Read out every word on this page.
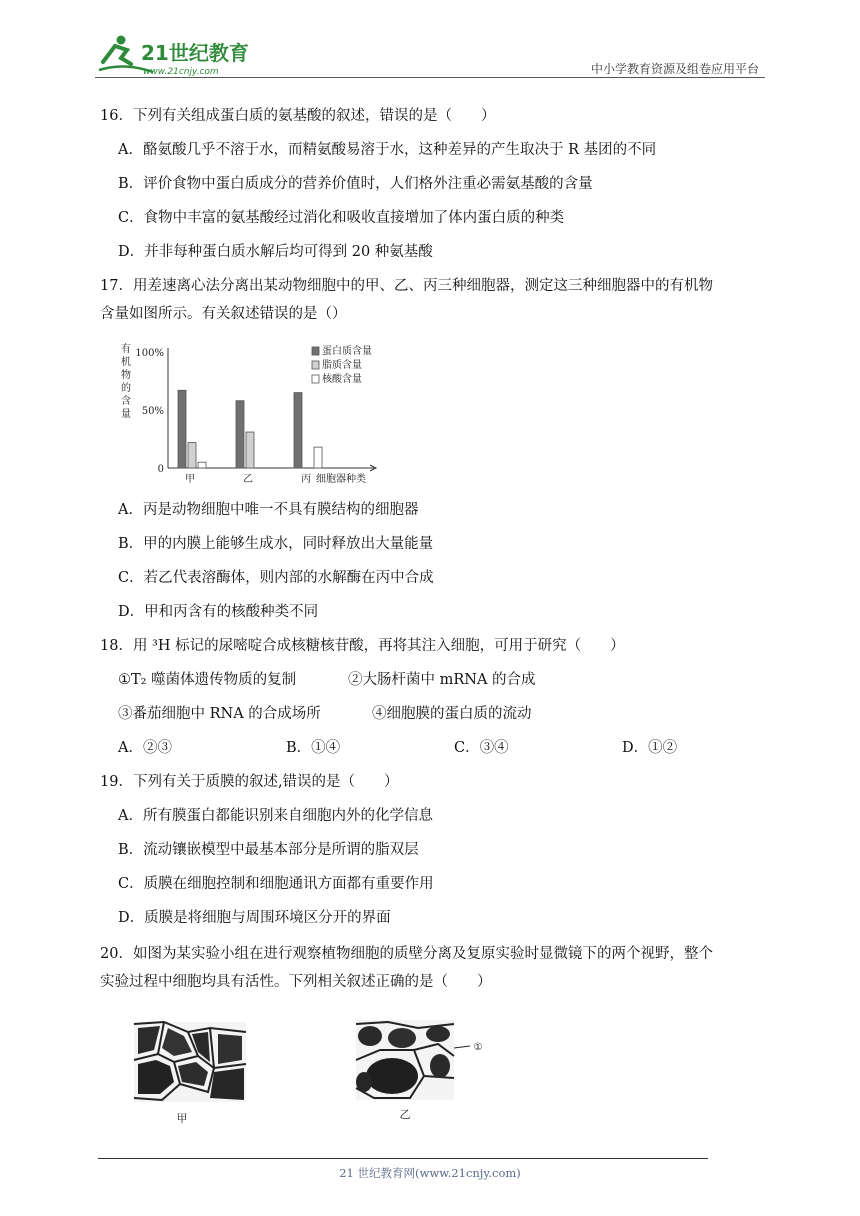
21世纪教育
www.21cnjy.com	中小学教育资源及组卷应用平台
16．下列有关组成蛋白质的氨基酸的叙述，错误的是（　　）
A．酪氨酸几乎不溶于水，而精氨酸易溶于水，这种差异的产生取决于 R 基团的不同
B．评价食物中蛋白质成分的营养价值时，人们格外注重必需氨基酸的含量
C．食物中丰富的氨基酸经过消化和吸收直接增加了体内蛋白质的种类
D．并非每种蛋白质水解后均可得到 20 种氨基酸
17．用差速离心法分离出某动物细胞中的甲、乙、丙三种细胞器，测定这三种细胞器中的有机物
含量如图所示。有关叙述错误的是（）
有
机
物
的
含
量
100%
50%
0
甲	乙	丙 细胞器种类
蛋白质含量
脂质含量
核酸含量
A．丙是动物细胞中唯一不具有膜结构的细胞器
B．甲的内膜上能够生成水，同时释放出大量能量
C．若乙代表溶酶体，则内部的水解酶在丙中合成
D．甲和丙含有的核酸种类不同
18．用 ³H 标记的尿嘧啶合成核糖核苷酸，再将其注入细胞，可用于研究（　　）
①T₂ 噬菌体遗传物质的复制	②大肠杆菌中 mRNA 的合成
③番茄细胞中 RNA 的合成场所	④细胞膜的蛋白质的流动
A．②③	B．①④	C．③④	D．①②
19．下列有关于质膜的叙述,错误的是（　　）
A．所有膜蛋白都能识别来自细胞内外的化学信息
B．流动镶嵌模型中最基本部分是所谓的脂双层
C．质膜在细胞控制和细胞通讯方面都有重要作用
D．质膜是将细胞与周围环境区分开的界面
20．如图为某实验小组在进行观察植物细胞的质壁分离及复原实验时显微镜下的两个视野，整个
实验过程中细胞均具有活性。下列相关叙述正确的是（　　）
甲
①
乙
21 世纪教育网(www.21cnjy.com)
